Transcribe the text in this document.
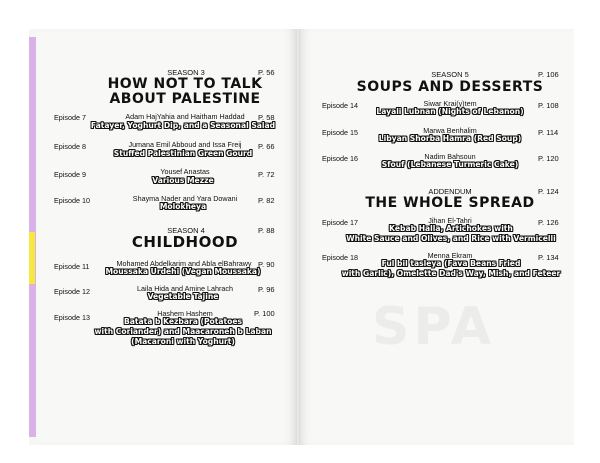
SPA
SEASON 3	P. 56
HOW NOT TO TALK
ABOUT PALESTINE
Episode 7	Adam HajYahia and Haitham Haddad	P. 58
Fatayer, Yoghurt Dip, and a Seasonal Salad
Episode 8	Jumana Emil Abboud and Issa Freij	P. 66
Stuffed Palestinian Green Gourd
Episode 9	Yousef Anastas	P. 72
Various Mezze
Episode 10	Shayma Nader and Yara Dowani	P. 82
Molokheya
SEASON 4	P. 88
CHILDHOOD
Episode 11	Mohamed Abdelkarim and Abla elBahrawy P. 90
Moussaka Urdehi (Vegan Moussaka)
Episode 12	Laila Hida and Amine Lahrach	P. 96
Vegetable Tajine
Episode 13	Hashem Hashem	P. 100
Batata b Kezbara (Potatoes
with Coriander) and Maacaroneh b Laban
(Macaroni with Yoghurt)
SEASON 5	P. 106
SOUPS AND DESSERTS
Episode 14	Siwar Krai(y)tem	P. 108
Layali Lubnan (Nights of Lebanon)
Episode 15	Marwa Benhalim	P. 114
Libyan Shorba Hamra (Red Soup)
Episode 16	Nadim Bahsoun	P. 120
Sfouf (Lebanese Turmeric Cake)
ADDENDUM	P. 124
THE WHOLE SPREAD
Episode 17	Jihan El-Tahri	P. 126
Kebab Halla, Artichokes with
White Sauce and Olives, and Rice with Vermicelli
Episode 18	Menna Ekram	P. 134
Ful bil tasleya (Fava Beans Fried
with Garlic), Omelette Dad's Way, Mish, and Feteer
